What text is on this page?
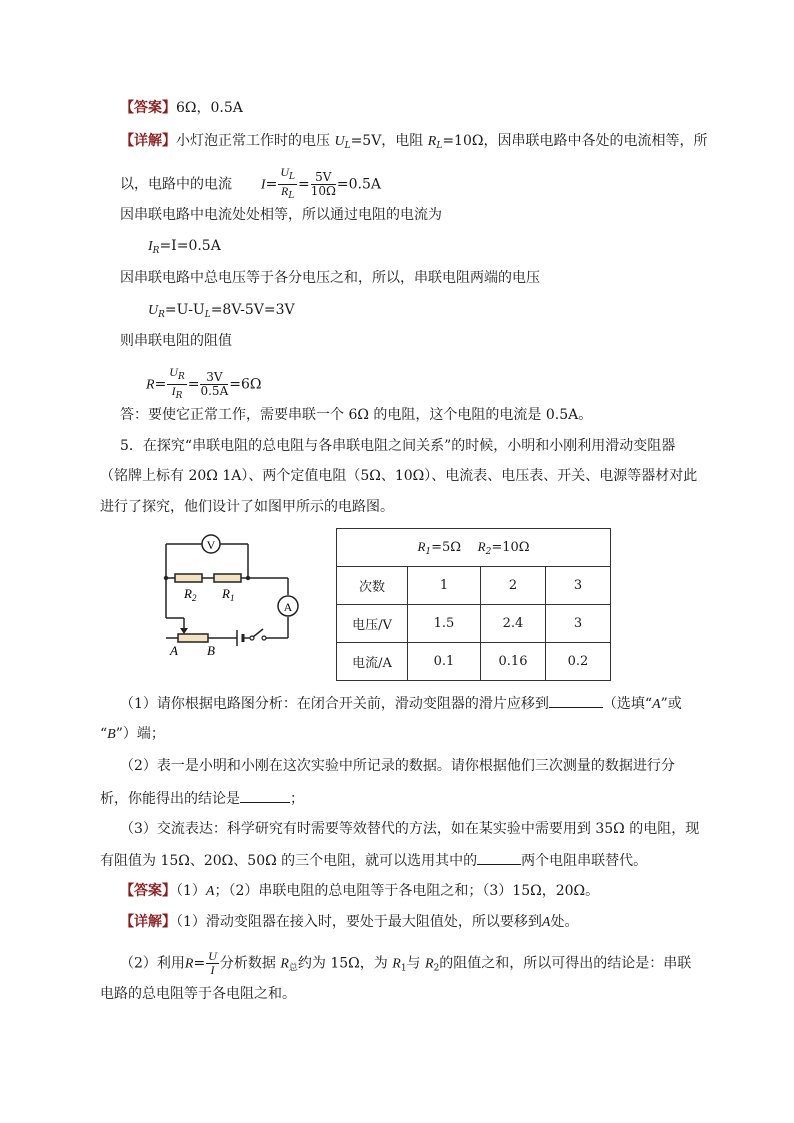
【答案】6Ω，0.5A
【详解】小灯泡正常工作时的电压 $U_L=5V$，电阻 $R_L=10\Omega$，因串联电路中各处的电流相等，所
以，电路中的电流 $I= \frac{U_L}{R_L} = \frac{5V}{10\Omega} =0.5A$
因串联电路中电流处处相等，所以通过电阻的电流为
$I_R=I=0.5A$
因串联电路中总电压等于各分电压之和，所以，串联电阻两端的电压
$U_R=U-U_L=8V-5V=3V$
则串联电阻的阻值
$R= \frac{U_R}{I_R} = \frac{3V}{0.5A} =6\Omega$
答：要使它正常工作，需要串联一个 6Ω 的电阻，这个电阻的电流是 0.5A。
5．在探究“串联电阻的总电阻与各串联电阻之间关系”的时候，小明和小刚利用滑动变阻器
（铭牌上标有 20Ω 1A）、两个定值电阻（5Ω、10Ω）、电流表、电压表、开关、电源等器材对此
进行了探究，他们设计了如图甲所示的电路图。
V
A
$R_2$ $R_1$
A B
$R_1=5\Omega$ $R_2=10\Omega$			
次数	1	2	3
电压/V	1.5	2.4	3
电流/A	0.1	0.16	0.2
（1）请你根据电路图分析：在闭合开关前，滑动变阻器的滑片应移到	（选填“A”或
“B”）端；
（2）表一是小明和小刚在这次实验中所记录的数据。请你根据他们三次测量的数据进行分
析，你能得出的结论是	；
（3）交流表达：科学研究有时需要等效替代的方法，如在某实验中需要用到 35Ω 的电阻，现
有阻值为 15Ω、20Ω、50Ω 的三个电阻，就可以选用其中的	两个电阻串联替代。
【答案】（1）A；（2）串联电阻的总电阻等于各电阻之和；（3）15Ω，20Ω。
【详解】（1）滑动变阻器在接入时，要处于最大阻值处，所以要移到A处。
（2）利用$R= \frac{U}{I}$ 分析数据 $R_总$约为 15Ω，为 $R_1$与 $R_2$的阻值之和，所以可得出的结论是：串联
电路的总电阻等于各电阻之和。
